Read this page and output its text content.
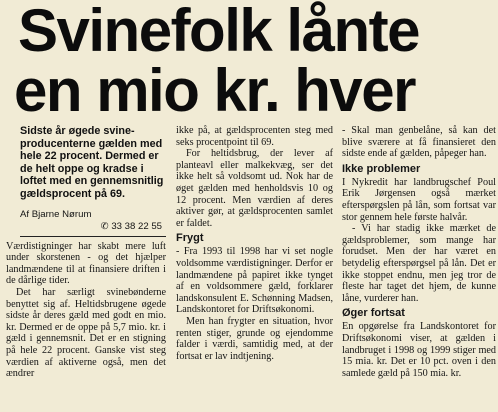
Svinefolk lånte
en mio kr. hver
Sidste år øgede svine-producenterne gælden med hele 22 procent. Dermed er de helt oppe og kradse i loftet med en gennemsnitlig gældsprocent på 69.
Af Bjarne Nørum
✆ 33 38 22 55

Værdistigninger har skabt mere luft under skorstenen - og det hjælper landmændene til at finansiere driften i de dårlige tider.

Det har særligt svinebønderne benyttet sig af. Heltidsbrugene øgede sidste år deres gæld med godt en mio. kr. Dermed er de oppe på 5,7 mio. kr. i gæld i gennemsnit. Det er en stigning på hele 22 procent. Ganske vist steg værdien af aktiverne også, men det ændrer

ikke på, at gældsprocenten steg med seks procentpoint til 69.

For heltidsbrug, der lever af planteavl eller malkekvæg, ser det ikke helt så voldsomt ud. Nok har de øget gælden med henholdsvis 10 og 12 procent. Men værdien af deres aktiver gør, at gældsprocenten samlet er faldet.

Frygt

- Fra 1993 til 1998 har vi set nogle voldsomme værdistigninger. Derfor er landmændene på papiret ikke tynget af en voldsommere gæld, forklarer landskonsulent E. Schønning Madsen, Landskontoret for Driftsøkonomi.

Men han frygter en situation, hvor renten stiger, grunde og ejendomme falder i værdi, samtidig med, at der fortsat er lav indtjening.

- Skal man genbelåne, så kan det blive sværere at få finansieret den sidste ende af gælden, påpeger han.

Ikke problemer

I Nykredit har landbrugschef Poul Erik Jørgensen også mærket efterspørgslen på lån, som fortsat var stor gennem hele første halvår.

- Vi har stadig ikke mærket de gældsproblemer, som mange har forudset. Men der har været en betydelig efterspørgsel på lån. Det er ikke stoppet endnu, men jeg tror de fleste har taget det hjem, de kunne låne, vurderer han.

Øger fortsat

En opgørelse fra Landskontoret for Driftsøkonomi viser, at gælden i landbruget i 1998 og 1999 stiger med 15 mia. kr. Det er 10 pct. oven i den samlede gæld på 150 mia. kr.
